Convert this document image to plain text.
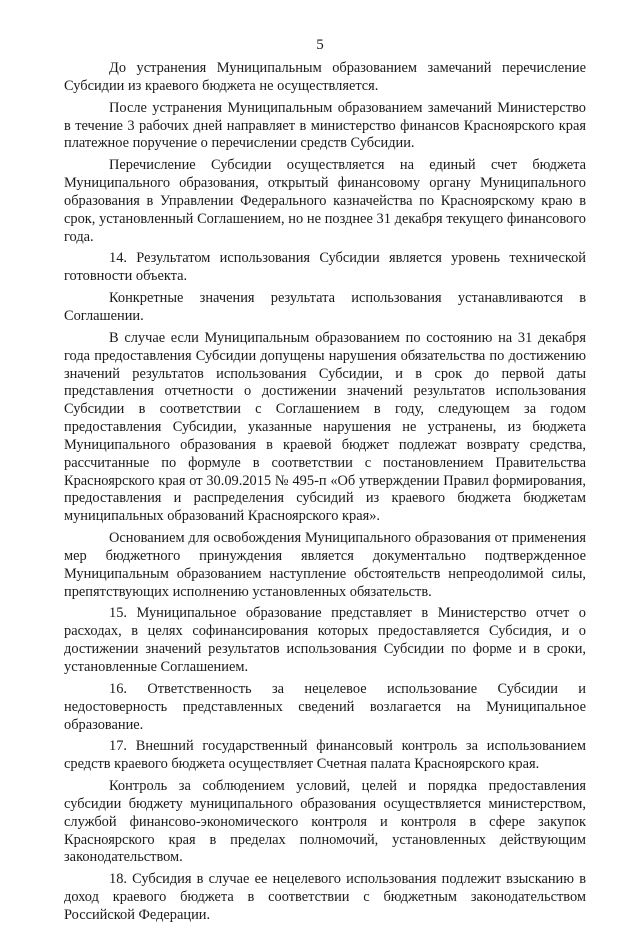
5

До устранения Муниципальным образованием замечаний перечисление Субсидии из краевого бюджета не осуществляется.

После устранения Муниципальным образованием замечаний Министерство в течение 3 рабочих дней направляет в министерство финансов Красноярского края платежное поручение о перечислении средств Субсидии.

Перечисление Субсидии осуществляется на единый счет бюджета Муниципального образования, открытый финансовому органу Муниципального образования в Управлении Федерального казначейства по Красноярскому краю в срок, установленный Соглашением, но не позднее 31 декабря текущего финансового года.

14. Результатом использования Субсидии является уровень технической готовности объекта.

Конкретные значения результата использования устанавливаются в Соглашении.

В случае если Муниципальным образованием по состоянию на 31 декабря года предоставления Субсидии допущены нарушения обязательства по достижению значений результатов использования Субсидии, и в срок до первой даты представления отчетности о достижении значений результатов использования Субсидии в соответствии с Соглашением в году, следующем за годом предоставления Субсидии, указанные нарушения не устранены, из бюджета Муниципального образования в краевой бюджет подлежат возврату средства, рассчитанные по формуле в соответствии с постановлением Правительства Красноярского края от 30.09.2015 № 495-п «Об утверждении Правил формирования, предоставления и распределения субсидий из краевого бюджета бюджетам муниципальных образований Красноярского края».

Основанием для освобождения Муниципального образования от применения мер бюджетного принуждения является документально подтвержденное Муниципальным образованием наступление обстоятельств непреодолимой силы, препятствующих исполнению установленных обязательств.

15. Муниципальное образование представляет в Министерство отчет о расходах, в целях софинансирования которых предоставляется Субсидия, и о достижении значений результатов использования Субсидии по форме и в сроки, установленные Соглашением.

16. Ответственность за нецелевое использование Субсидии и недостоверность представленных сведений возлагается на Муниципальное образование.

17. Внешний государственный финансовый контроль за использованием средств краевого бюджета осуществляет Счетная палата Красноярского края.

Контроль за соблюдением условий, целей и порядка предоставления субсидии бюджету муниципального образования осуществляется министерством, службой финансово-экономического контроля и контроля в сфере закупок Красноярского края в пределах полномочий, установленных действующим законодательством.

18. Субсидия в случае ее нецелевого использования подлежит взысканию в доход краевого бюджета в соответствии с бюджетным законодательством Российской Федерации.
